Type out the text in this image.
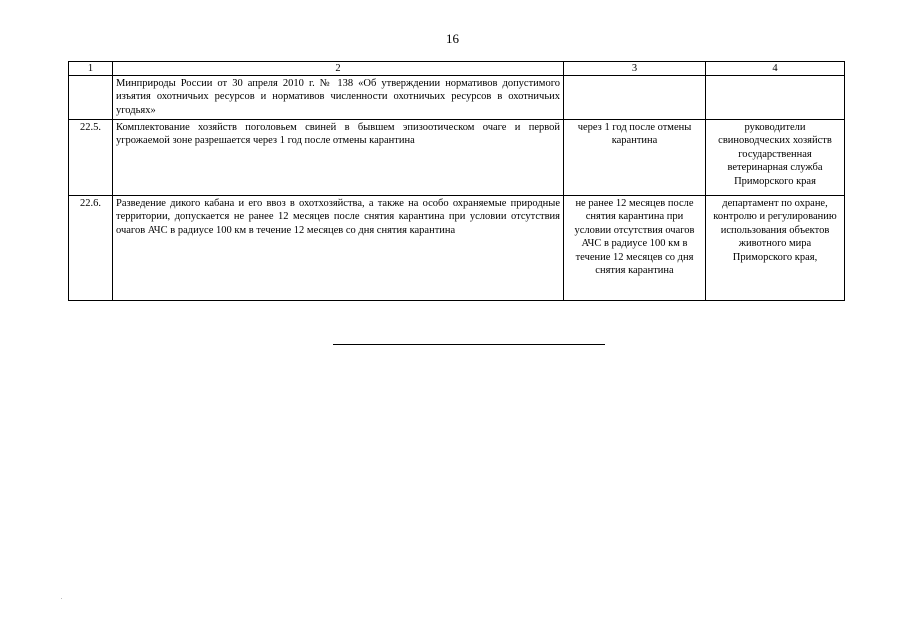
16
1	2	3	4
	Минприроды России от 30 апреля 2010 г. № 138 «Об утверждении нормативов допустимого изъятия охотничьих ресурсов и нормативов численности охотничьих ресурсов в охотничьих угодьях»		
22.5.	Комплектование хозяйств поголовьем свиней в бывшем эпизоотическом очаге и первой угрожаемой зоне разрешается через 1 год после отмены карантина	через 1 год после отмены карантина	руководители свиноводческих хозяйств государственная ветеринарная служба Приморского края
22.6.	Разведение дикого кабана и его ввоз в охотхозяйства, а также на особо охраняемые природные территории, допускается не ранее 12 месяцев после снятия карантина при условии отсутствия очагов АЧС в радиусе 100 км в течение 12 месяцев со дня снятия карантина	не ранее 12 месяцев после снятия карантина при условии отсутствия очагов АЧС в радиусе 100 км в течение 12 месяцев со дня снятия карантина	департамент по охране, контролю и регулированию использования объектов животного мира Приморского края,
